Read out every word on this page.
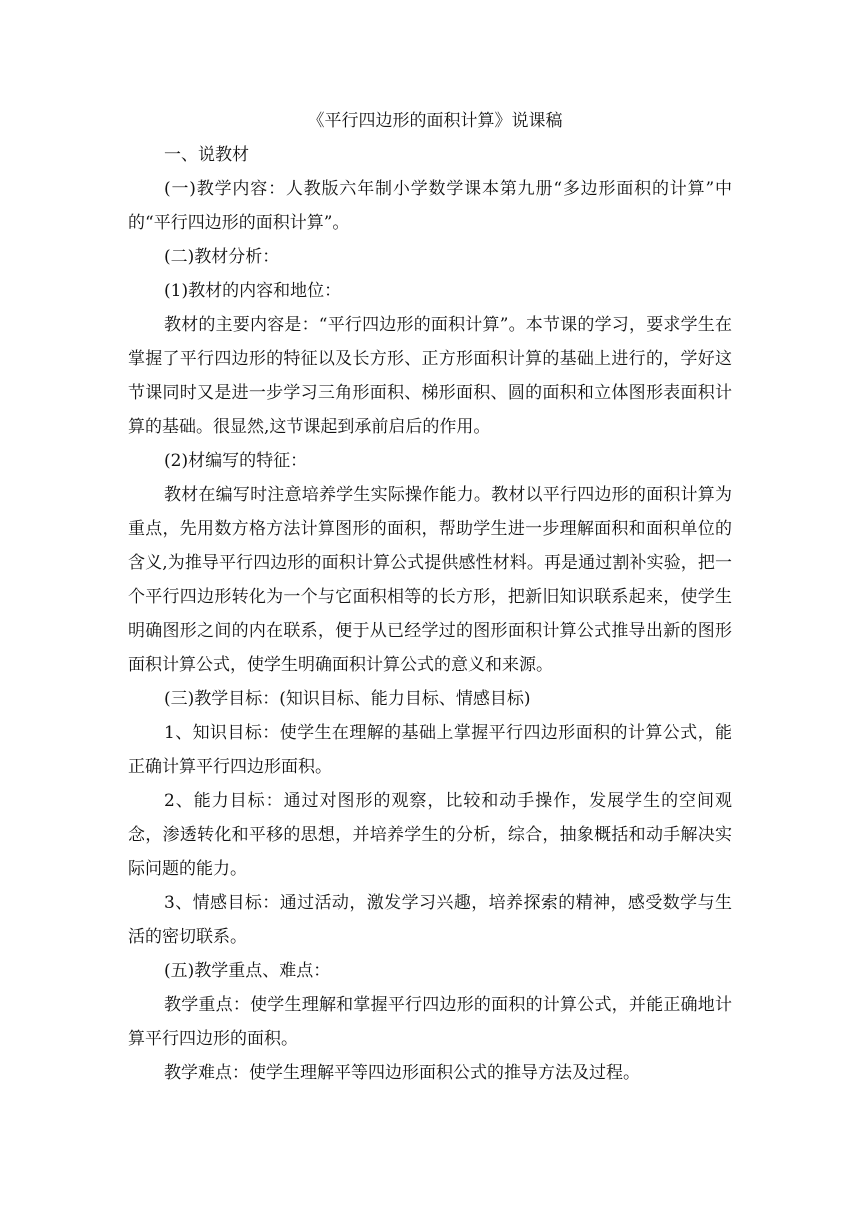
《平行四边形的面积计算》说课稿

一、说教材

(一)教学内容：人教版六年制小学数学课本第九册“多边形面积的计算”中的“平行四边形的面积计算”。

(二)教材分析：

(1)教材的内容和地位：

教材的主要内容是：“平行四边形的面积计算”。本节课的学习，要求学生在掌握了平行四边形的特征以及长方形、正方形面积计算的基础上进行的，学好这节课同时又是进一步学习三角形面积、梯形面积、圆的面积和立体图形表面积计算的基础。很显然,这节课起到承前启后的作用。

(2)材编写的特征：

教材在编写时注意培养学生实际操作能力。教材以平行四边形的面积计算为重点，先用数方格方法计算图形的面积，帮助学生进一步理解面积和面积单位的含义,为推导平行四边形的面积计算公式提供感性材料。再是通过割补实验，把一个平行四边形转化为一个与它面积相等的长方形，把新旧知识联系起来，使学生明确图形之间的内在联系，便于从已经学过的图形面积计算公式推导出新的图形面积计算公式，使学生明确面积计算公式的意义和来源。

(三)教学目标：(知识目标、能力目标、情感目标)

1、知识目标：使学生在理解的基础上掌握平行四边形面积的计算公式，能正确计算平行四边形面积。

2、能力目标：通过对图形的观察，比较和动手操作，发展学生的空间观念，渗透转化和平移的思想，并培养学生的分析，综合，抽象概括和动手解决实际问题的能力。

3、情感目标：通过活动，激发学习兴趣，培养探索的精神，感受数学与生活的密切联系。

(五)教学重点、难点：

教学重点：使学生理解和掌握平行四边形的面积的计算公式，并能正确地计算平行四边形的面积。

教学难点：使学生理解平等四边形面积公式的推导方法及过程。
